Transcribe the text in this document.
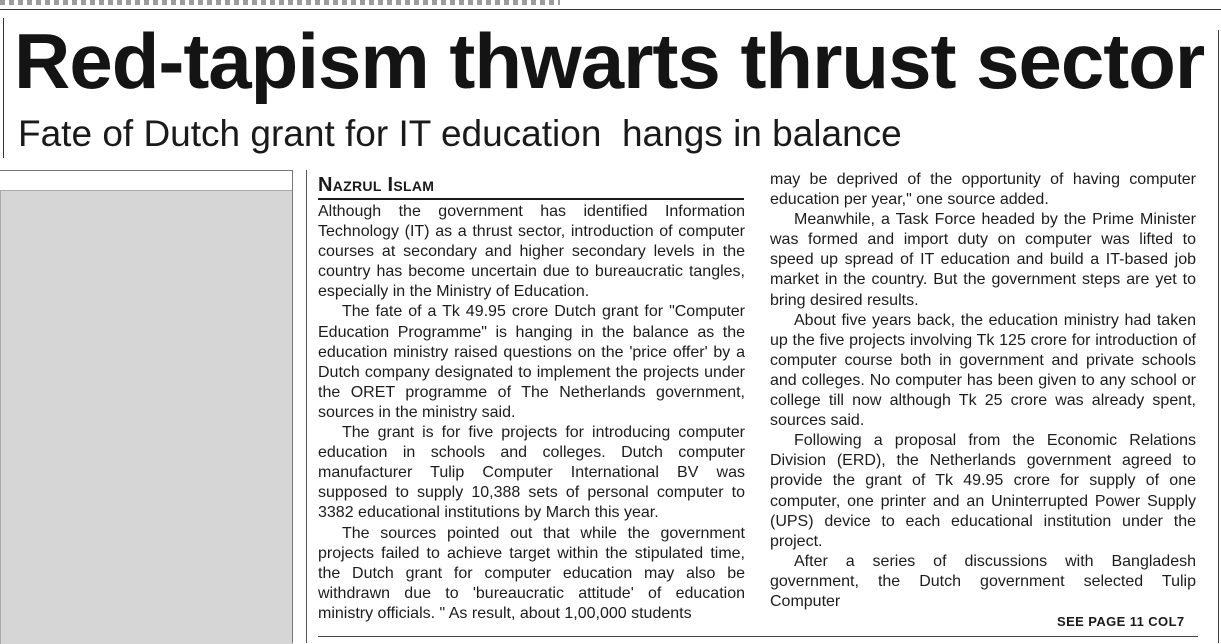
Red-tapism thwarts thrust sector
Fate of Dutch grant for IT education  hangs in balance
Nazrul Islam

Although the government has identified Information Technology (IT) as a thrust sector, introduction of computer courses at secondary and higher secondary levels in the country has become uncertain due to bureaucratic tangles, especially in the Ministry of Education.

The fate of a Tk 49.95 crore Dutch grant for "Computer Education Programme" is hanging in the balance as the education ministry raised questions on the 'price offer' by a Dutch company designated to implement the projects under the ORET programme of The Netherlands government, sources in the ministry said.

The grant is for five projects for introducing computer education in schools and colleges. Dutch computer manufacturer Tulip Computer International BV was supposed to supply 10,388 sets of personal computer to 3382 educational institutions by March this year.

The sources pointed out that while the government projects failed to achieve target within the stipulated time, the Dutch grant for computer education may also be withdrawn due to 'bureaucratic attitude' of education ministry officials. " As result, about 1,00,000 students

may be deprived of the opportunity of having computer education per year," one source added.

Meanwhile, a Task Force headed by the Prime Minister was formed and import duty on computer was lifted to speed up spread of IT education and build a IT-based job market in the country. But the government steps are yet to bring desired results.

About five years back, the education ministry had taken up the five projects involving Tk 125 crore for introduction of computer course both in government and private schools and colleges. No computer has been given to any school or college till now although Tk 25 crore was already spent, sources said.

Following a proposal from the Economic Relations Division (ERD), the Netherlands government agreed to provide the grant of Tk 49.95 crore for supply of one computer, one printer and an Uninterrupted Power Supply (UPS) device to each educational institution under the project.

After a series of discussions with Bangladesh government, the Dutch government selected Tulip Computer

SEE PAGE 11 COL7
